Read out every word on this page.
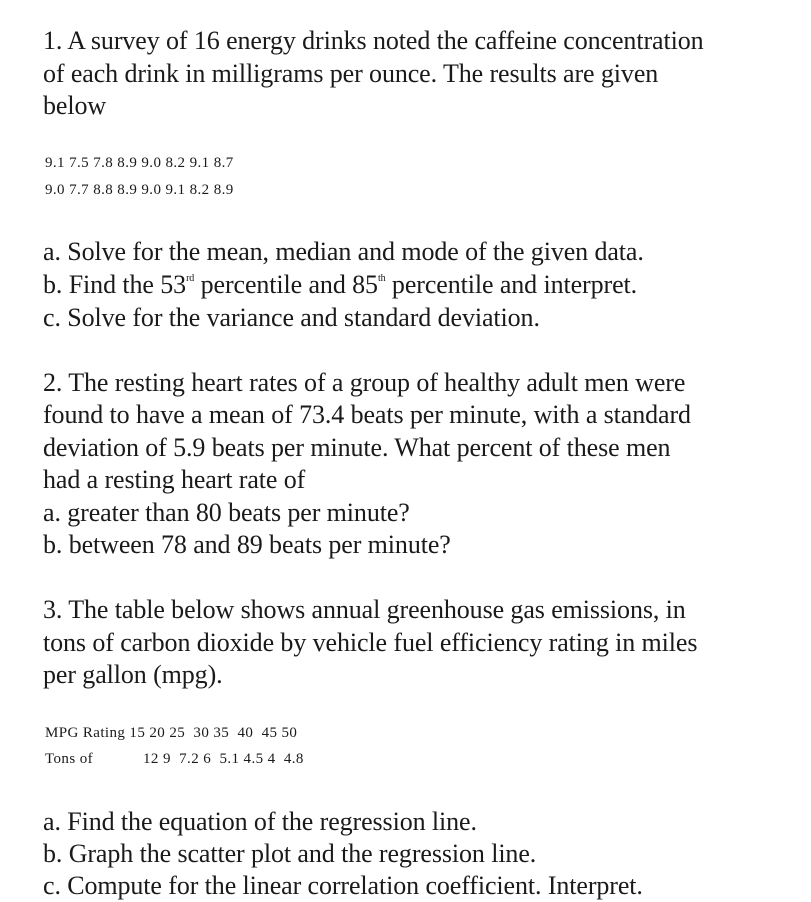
1. A survey of 16 energy drinks noted the caffeine concentration
of each drink in milligrams per ounce. The results are given
below
9.1 7.5 7.8 8.9 9.0 8.2 9.1 8.7
9.0 7.7 8.8 8.9 9.0 9.1 8.2 8.9
a. Solve for the mean, median and mode of the given data.
b. Find the 53rd percentile and 85th percentile and interpret.
c. Solve for the variance and standard deviation.
2. The resting heart rates of a group of healthy adult men were
found to have a mean of 73.4 beats per minute, with a standard
deviation of 5.9 beats per minute. What percent of these men
had a resting heart rate of
a. greater than 80 beats per minute?
b. between 78 and 89 beats per minute?
3. The table below shows annual greenhouse gas emissions, in
tons of carbon dioxide by vehicle fuel efficiency rating in miles
per gallon (mpg).
MPG Rating 15 20 25  30 35  40  45 50
Tons of	12 9  7.2 6  5.1 4.5 4  4.8
a. Find the equation of the regression line.
b. Graph the scatter plot and the regression line.
c. Compute for the linear correlation coefficient. Interpret.
